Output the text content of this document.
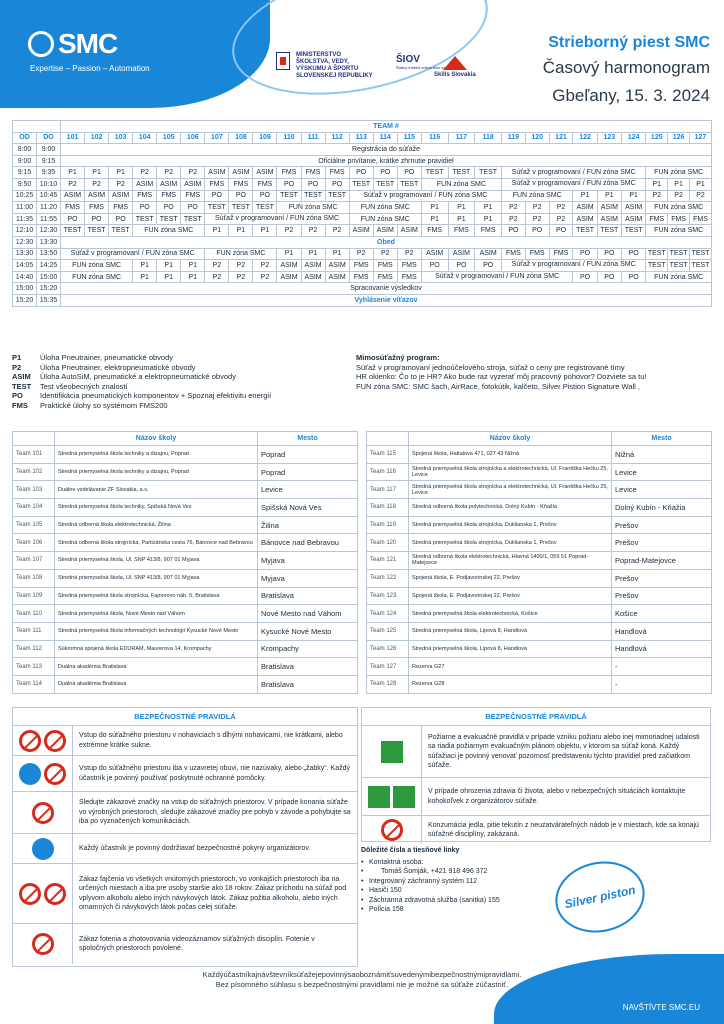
SMC
Expertise – Passion – Automation
MINISTERSTVO
ŠKOLSTVA, VEDY,
VÝSKUMU A ŠPORTU
SLOVENSKEJ REPUBLIKY
ŠIOV
Štátny inštitút odborného vzdelávania
Skills Slovakia
Strieborný piest SMC
Časový harmonogram
Gbeľany, 15. 3. 2024
		TEAM #																										
OD	DO	101	102	103	104	105	106	107	108	109	110	111	112	113	114	115	116	117	118	119	120	121	122	123	124	125	126	127
8:00	9:00	Registrácia do súťaže																										
9:00	9:15	Oficiálne privítanie, krátke zhrnutie pravidiel																										
9:15	9:35	P1	P1	P1	P2	P2	P2	ASIM	ASIM	ASIM	FMS	FMS	FMS	PO	PO	PO	TEST	TEST	TEST	Súťaž v programovaní / FUN zóna SMC						FUN zóna SMC		
9:50	10:10	P2	P2	P2	ASIM	ASIM	ASIM	FMS	FMS	FMS	PO	PO	PO	TEST	TEST	TEST	FUN zóna SMC			Súťaž v programovaní / FUN zóna SMC						P1	P1	P1
10:25	10:45	ASIM	ASIM	ASIM	FMS	FMS	FMS	PO	PO	PO	TEST	TEST	TEST	Súťaž v programovaní / FUN zóna SMC						FUN zóna SMC			P1	P1	P1	P2	P2	P2
11:00	11:20	FMS	FMS	FMS	PO	PO	PO	TEST	TEST	TEST	FUN zóna SMC			FUN zóna SMC			P1	P1	P1	P2	P2	P2	ASIM	ASIM	ASIM	FUN zóna SMC		
11:35	11:55	PO	PO	PO	TEST	TEST	TEST	Súťaž v programovaní / FUN zóna SMC						FUN zóna SMC			P1	P1	P1	P2	P2	P2	ASIM	ASIM	ASIM	FMS	FMS	FMS
12:10	12:30	TEST	TEST	TEST	FUN zóna SMC			P1	P1	P1	P2	P2	P2	ASIM	ASIM	ASIM	FMS	FMS	FMS	PO	PO	PO	TEST	TEST	TEST	FUN zóna SMC		
12:30	13:30	Obed																										
13:30	13:50	Súťaž v programovaní / FUN zóna SMC						FUN zóna SMC			P1	P1	P1	P2	P2	P2	ASIM	ASIM	ASIM	FMS	FMS	FMS	PO	PO	PO	TEST	TEST	TEST
14:05	14:25	FUN zóna SMC			P1	P1	P1	P2	P2	P2	ASIM	ASIM	ASIM	FMS	FMS	FMS	PO	PO	PO	Súťaž v programovaní / FUN zóna SMC						TEST	TEST	TEST
14:40	15:00	FUN zóna SMC			P1	P1	P1	P2	P2	P2	ASIM	ASIM	ASIM	FMS	FMS	FMS	Súťaž v programovaní / FUN zóna SMC						PO	PO	PO	FUN zóna SMC		
15:00	15:20	Spracovanie výsledkov																										
15:20	15:35	Vyhlásenie víťazov																										
P1	Úloha Pneutrainer, pneumatické obvody
P2	Úloha Pneutrainer, elektropneumatické obvody
ASIM	Úloha AutoSiM, pneumatické a elektropneumatické obvody
TEST	Test všeobecných znalostí
PO	Identifikácia pneumatických komponentov + Spoznaj efektivitu energií
FMS	Praktické úlohy so systémom FMS200
Mimosúťažný program:
Súťaž v programovaní jednoúčelového stroja, súťaž o ceny pre registrované tímy
HR okienko: Čo to je HR? Ako bude raz vyzerať môj pracovný pohovor? Dozviete sa tu!
FUN zóna SMC: SMC šach, AirRace, fotokútik, kalčeto, Silver Pistion Signature Wall ,
	Názov školy	Mesto
Team 101	Stredná priemyselná škola techniky a dizajnu, Poprad	Poprad
Team 102	Stredná priemyselná škola techniky a dizajnu, Poprad	Poprad
Team 103	Duálne vzdelávanie ZF Slovakia, a.s.	Levice
Team 104	Stredná priemyselná škola techniky, Spišská Nová Ves	Spišská Nová Ves
Team 105	Stredná odborná škola elektrotechnická, Žilina	Žilina
Team 106	Stredná odborná škola strojnícka, Partizánska cesta 76, Bánovce nad Bebravou	Bánovce nad Bebravou
Team 107	Stredná priemyselná škola, Ul. SNP 413/8, 907 01 Myjava	Myjava
Team 108	Stredná priemyselná škola, Ul. SNP 413/8, 907 01 Myjava	Myjava
Team 109	Stredná priemyselná škola strojnícka, Fajnorovo náb. 5, Bratislava	Bratislava
Team 110	Stredná priemyselná škola, Nové Mesto nad Váhom	Nové Mesto nad Váhom
Team 111	Stredná priemyselná škola informačných technológií Kysucké Nové Mesto	Kysucké Nové Mesto
Team 112	Súkromná spojená škola EDURAM, Maurerova 14, Krompachy	Krompachy
Team 113	Duálna akadémia Bratislava	Bratislava
Team 114	Duálna akadémia Bratislava	Bratislava
	Názov školy	Mesto
Team 115	Spojená škola, Hattalova 471, 027 43 Nižná	Nižná
Team 116	Stredná priemyselná škola strojnícka a elektrotechnická, Ul. Františka Hečku 25, Levice	Levice
Team 117	Stredná priemyselná škola strojnícka a elektrotechnická, Ul. Františka Hečku 25, Levice	Levice
Team 118	Stredná odborná škola polytechnická, Dolný Kubín - Kňažia	Dolný Kubín - Kňažia
Team 119	Stredná priemyselná škola strojnícka, Duklianska 1, Prešov	Prešov
Team 120	Stredná priemyselná škola strojnícka, Duklianska 1, Prešov	Prešov
Team 121	Stredná odborná škola elektrotechnická, Hlavná 1400/1, 059 51 Poprad-Matejovce	Poprad-Matejovce
Team 122	Spojená škola, E. Podjavorinskej 22, Prešov	Prešov
Team 123	Spojená škola, E. Podjavorinskej 22, Prešov	Prešov
Team 124	Stredná priemyselná škola elektrotechnická, Košice	Košice
Team 125	Stredná priemyselná škola, Lipová 8, Handlová	Handlová
Team 126	Stredná priemyselná škola, Lipová 8, Handlová	Handlová
Team 127	Rezerva G27	-
Team 128	Rezerva G28	-
BEZPEČNOSTNÉ PRAVIDLÁ
Vstup do súťažného priestoru v nohaviciach s dlhými nohavicami, nie krátkami, alebo extrémne krátke sukne.
Vstup do súťažného priestoru iba v uzavretej obuvi, nie nazúvaky, alebo „žabky“. Každý účastník je povinný používať poskytnuté ochranné pomôcky.
Sledujte zákazové značky na vstup do súťažných priestorov. V prípade konania súťaže vo výrobných priestoroch, sledujte zákazové značky pre pohyb v závode a pohybujte sa iba po vyznačených komunikáciách.
Každý účastník je povinný dodržiavať bezpečnostné pokyny organizátorov.
Zákaz fajčenia vo všetkých vnútorných priestoroch, vo vonkajších priestoroch iba na určených miestach a iba pre osoby staršie ako 18 rokov. Zákaz príchodu na súťaž pod vplyvom alkoholu alebo iných návykových látok. Zákaz požitia alkoholu, alebo iných omamných či návykových látok počas celej súťaže.
Zákaz fotenia a zhotovovania videozáznamov súťažných disciplín. Fotenie v spoločných priestoroch povolené.
BEZPEČNOSTNÉ PRAVIDLÁ
Požiarne a evakuačné pravidlá v prípade vzniku požiaru alebo inej mimoriadnej udalosti sa riadia požiarnym evakuačným plánom objektu, v ktorom sa súťaž koná. Každý súťažiaci je povinný venovať pozornosť predstaveniu týchto pravidiel pred začiatkom súťaže.
V prípade ohrozenia zdravia či života, alebo v nebezpečných situáciách kontaktujte kohokoľvek z organizátorov súťaže.
Konzumácia jedla, pitie tekutín z neuzatvárateľných nádob je v miestach, kde sa konajú súťažné disciplíny, zakázaná.
Dôležité čísla a tiesňové linky
• Kontaktná osoba:
• Tomáš Šomják, +421 918 496 372
• Integrovaný záchranný systém 112
• Hasiči 150
• Záchranná zdravotná služba (sanitka) 155
• Polícia 158	Silver piston
Každýúčastníkajnávštevníksúťažejepovinnýsaoboznámiťsuvedenýmibezpečnostnýmipravidlami.
Bez písomného súhlasu s bezpečnostnými pravidlami nie je možné sa súťaže zúčastniť.
NAVŠTÍVTE SMC.EU
